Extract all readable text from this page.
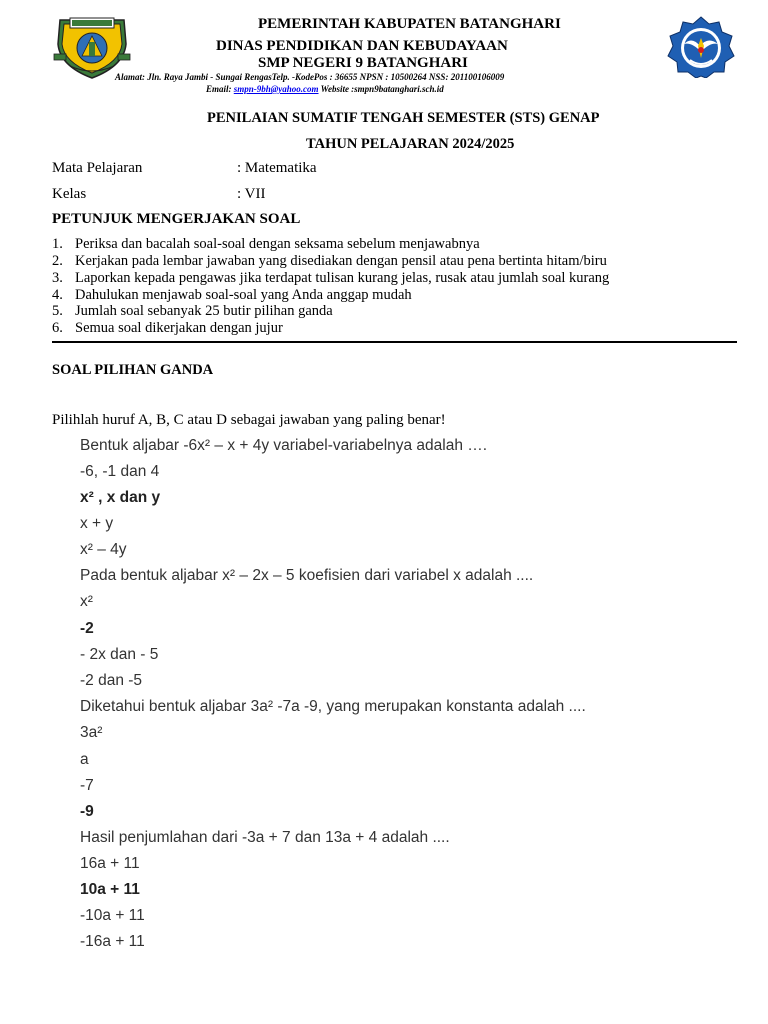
PEMERINTAH KABUPATEN BATANGHARI
DINAS PENDIDIKAN DAN KEBUDAYAAN
SMP NEGERI 9 BATANGHARI
Alamat: Jln. Raya Jambi - Sungai RengasTelp. -KodePos : 36655 NPSN : 10500264 NSS: 201100106009
Email: smpn-9bh@yahoo.com Website :smpn9batanghari.sch.id
PENILAIAN SUMATIF TENGAH SEMESTER (STS) GENAP
TAHUN PELAJARAN 2024/2025
Mata Pelajaran	: Matematika
Kelas	: VII
PETUNJUK MENGERJAKAN SOAL
1. Periksa dan bacalah soal-soal dengan seksama sebelum menjawabnya
2. Kerjakan pada lembar jawaban yang disediakan dengan pensil atau pena bertinta hitam/biru
3. Laporkan kepada pengawas jika terdapat tulisan kurang jelas, rusak atau jumlah soal kurang
4. Dahulukan menjawab soal-soal yang Anda anggap mudah
5. Jumlah soal sebanyak 25 butir pilihan ganda
6. Semua soal dikerjakan dengan jujur
SOAL PILIHAN GANDA
Pilihlah huruf A, B, C atau D sebagai jawaban yang paling benar!
Bentuk aljabar -6x² – x + 4y variabel-variabelnya adalah ….
-6, -1 dan 4
x² , x dan y
x + y
x² – 4y
Pada bentuk aljabar x² – 2x – 5 koefisien dari variabel x adalah ....
x²
-2
- 2x dan - 5
-2 dan -5
Diketahui bentuk aljabar 3a² -7a -9, yang merupakan konstanta adalah ....
3a²
a
-7
-9
Hasil penjumlahan dari -3a + 7 dan 13a + 4 adalah ....
16a + 11
10a + 11
-10a + 11
-16a + 11
